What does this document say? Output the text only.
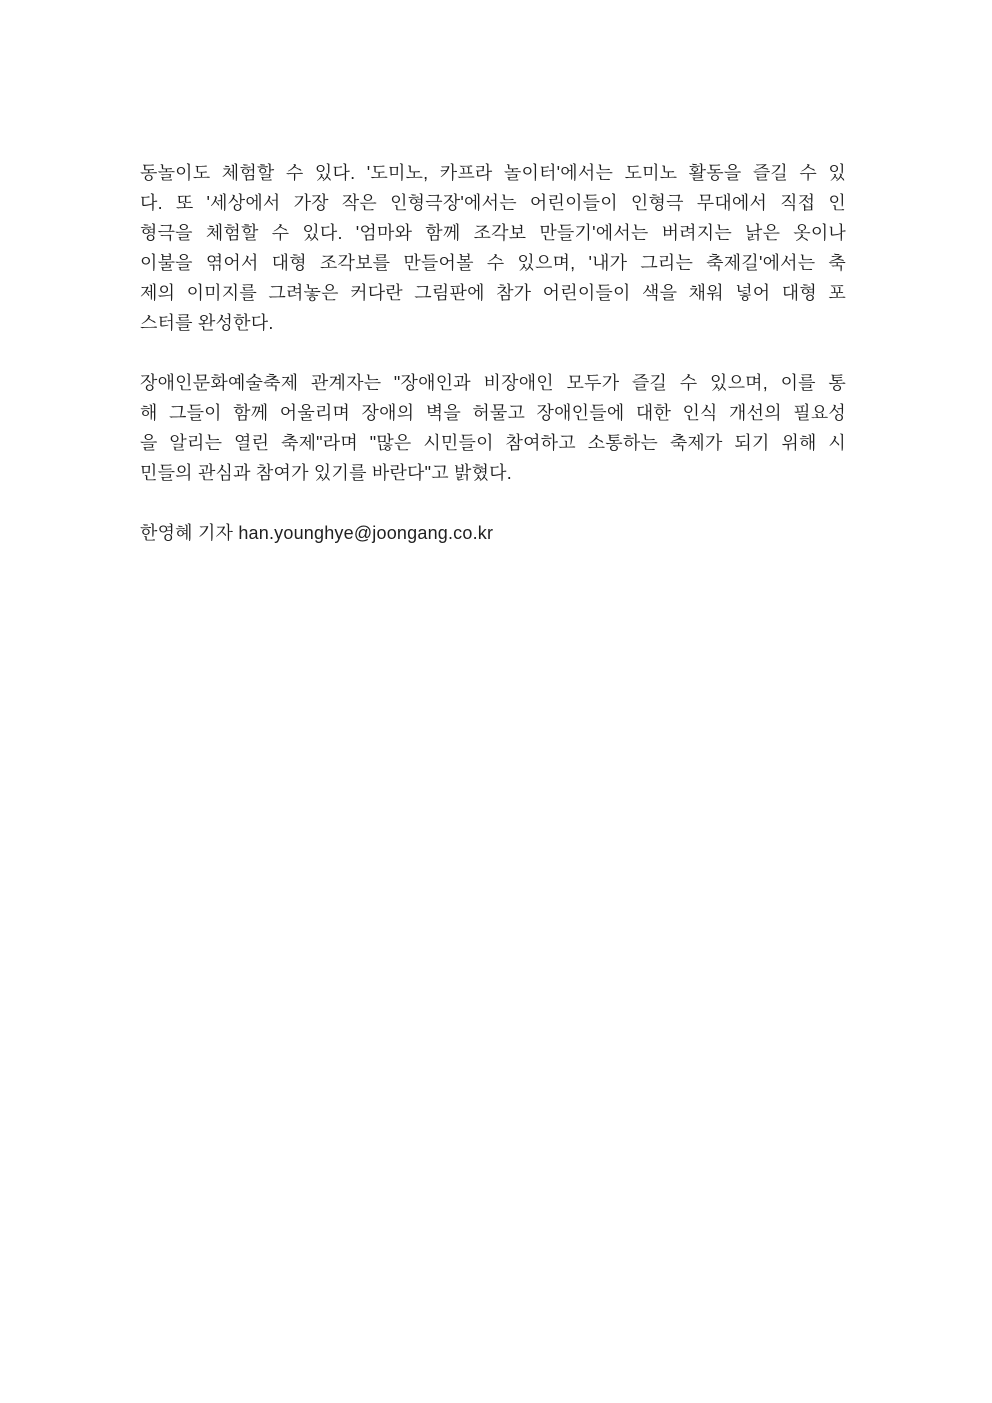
동놀이도 체험할 수 있다. '도미노, 카프라 놀이터'에서는 도미노 활동을 즐길 수 있
다. 또 '세상에서 가장 작은 인형극장'에서는 어린이들이 인형극 무대에서 직접 인
형극을 체험할 수 있다. '엄마와 함께 조각보 만들기'에서는 버려지는 낡은 옷이나
이불을 엮어서 대형 조각보를 만들어볼 수 있으며, '내가 그리는 축제길'에서는 축
제의 이미지를 그려놓은 커다란 그림판에 참가 어린이들이 색을 채워 넣어 대형 포
스터를 완성한다.
장애인문화예술축제 관계자는 "장애인과 비장애인 모두가 즐길 수 있으며, 이를 통
해 그들이 함께 어울리며 장애의 벽을 허물고 장애인들에 대한 인식 개선의 필요성
을 알리는 열린 축제"라며 "많은 시민들이 참여하고 소통하는 축제가 되기 위해 시
민들의 관심과 참여가 있기를 바란다"고 밝혔다.
한영혜 기자 han.younghye@joongang.co.kr
